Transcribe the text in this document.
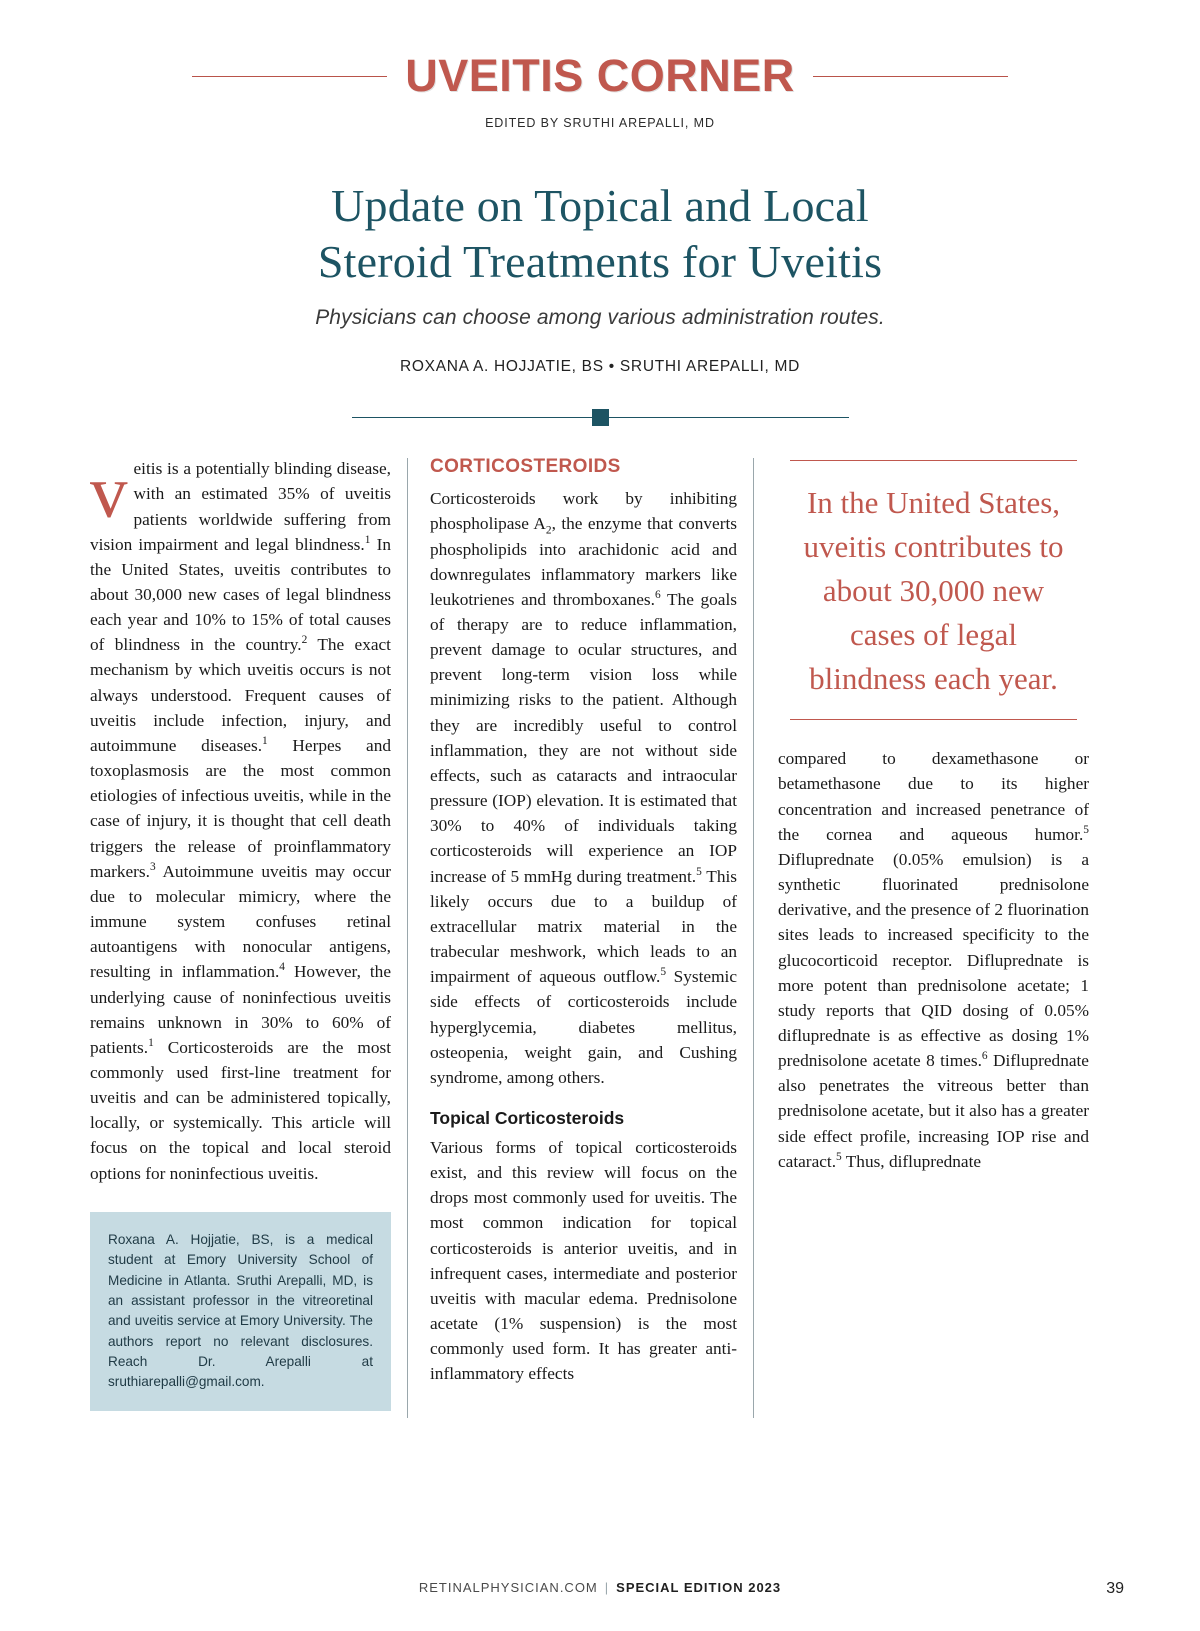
UVEITIS CORNER
EDITED BY SRUTHI AREPALLI, MD
Update on Topical and Local
Steroid Treatments for Uveitis
Physicians can choose among various administration routes.
ROXANA A. HOJJATIE, BS • SRUTHI AREPALLI, MD

veitis is a potentially blinding disease, with an estimated 35% of uveitis patients worldwide suffering from vision impairment and legal blindness.$^1$ In the United States, uveitis contributes to about 30,000 new cases of legal blindness each year and 10% to 15% of total causes of blindness in the country.$^2$ The exact mechanism by which uveitis occurs is not always understood. Frequent causes of uveitis include infection, injury, and autoimmune diseases.$^1$ Herpes and toxoplasmosis are the most common etiologies of infectious uveitis, while in the case of injury, it is thought that cell death triggers the release of proinflammatory markers.$^3$ Autoimmune uveitis may occur due to molecular mimicry, where the immune system confuses retinal autoantigens with nonocular antigens, resulting in inflammation.$^4$ However, the underlying cause of noninfectious uveitis remains unknown in 30% to 60% of patients.$^1$ Corticosteroids are the most commonly used first-line treatment for uveitis and can be administered topically, locally, or systemically. This article will focus on the topical and local steroid options for noninfectious uveitis.

Roxana A. Hojjatie, BS, is a medical student at Emory University School of Medicine in Atlanta. Sruthi Arepalli, MD, is an assistant professor in the vitreoretinal and uveitis service at Emory University. The authors report no relevant disclosures. Reach Dr. Arepalli at sruthiarepalli@gmail.com.
CORTICOSTEROIDS

Corticosteroids work by inhibiting phospholipase $A_2$, the enzyme that converts phospholipids into arachidonic acid and downregulates inflammatory markers like leukotrienes and thromboxanes.$^6$ The goals of therapy are to reduce inflammation, prevent damage to ocular structures, and prevent long-term vision loss while minimizing risks to the patient. Although they are incredibly useful to control inflammation, they are not without side effects, such as cataracts and intraocular pressure (IOP) elevation. It is estimated that 30% to 40% of individuals taking corticosteroids will experience an IOP increase of 5 mmHg during treatment.$^5$ This likely occurs due to a buildup of extracellular matrix material in the trabecular meshwork, which leads to an impairment of aqueous outflow.$^5$ Systemic side effects of corticosteroids include hyperglycemia, diabetes mellitus, osteopenia, weight gain, and Cushing syndrome, among others.

Topical Corticosteroids

Various forms of topical corticosteroids exist, and this review will focus on the drops most commonly used for uveitis. The most common indication for topical corticosteroids is anterior uveitis, and in infrequent cases, intermediate and posterior uveitis with macular edema. Prednisolone acetate (1% suspension) is the most commonly used form. It has greater anti-inflammatory effects

In the United States, uveitis contributes to about 30,000 new cases of legal blindness each year.

compared to dexamethasone or betamethasone due to its higher concentration and increased penetrance of the cornea and aqueous humor.$^5$ Difluprednate (0.05% emulsion) is a synthetic fluorinated prednisolone derivative, and the presence of 2 fluorination sites leads to increased specificity to the glucocorticoid receptor. Difluprednate is more potent than prednisolone acetate; 1 study reports that QID dosing of 0.05% difluprednate is as effective as dosing 1% prednisolone acetate 8 times.$^6$ Difluprednate also penetrates the vitreous better than prednisolone acetate, but it also has a greater side effect profile, increasing IOP rise and cataract.$^5$ Thus, difluprednate

RETINALPHYSICIAN.COM | SPECIAL EDITION 2023	39
